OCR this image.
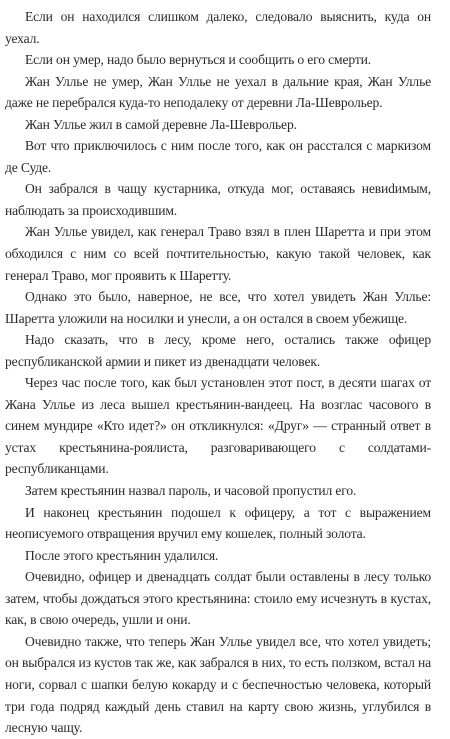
Если он находился слишком далеко, следовало выяснить, куда он уехал.

Если он умер, надо было вернуться и сообщить о его смерти.

Жан Уллье не умер, Жан Уллье не уехал в дальние края, Жан Уллье даже не перебрался куда-то неподалеку от деревни Ла-Шеврольер.

Жан Уллье жил в самой деревне Ла-Шеврольер.

Вот что приключилось с ним после того, как он расстался с маркизом де Суде.

Он забрался в чащу кустарника, откуда мог, оставаясь невиdимым, наблюдать за происходившим.

Жан Уллье увидел, как генерал Траво взял в плен Шаретта и при этом обходился с ним со всей почтительностью, какую такой человек, как генерал Траво, мог проявить к Шаретту.

Однако это было, наверное, не все, что хотел увидеть Жан Уллье: Шаретта уложили на носилки и унесли, а он остался в своем убежище.

Надо сказать, что в лесу, кроме него, остались также офицер республиканской армии и пикет из двенадцати человек.

Через час после того, как был установлен этот пост, в десяти шагах от Жана Уллье из леса вышел крестьянин-вандеец. На возглас часового в синем мундире «Кто идет?» он откликнулся: «Друг» — странный ответ в устах крестьянина-роялиста, разговаривающего с солдатами-республиканцами.

Затем крестьянин назвал пароль, и часовой пропустил его.

И наконец крестьянин подошел к офицеру, а тот с выражением неописуемого отвращения вручил ему кошелек, полный золота.

После этого крестьянин удалился.

Очевидно, офицер и двенадцать солдат были оставлены в лесу только затем, чтобы дождаться этого крестьянина: стоило ему исчезнуть в кустах, как, в свою очередь, ушли и они.

Очевидно также, что теперь Жан Уллье увидел все, что хотел увидеть; он выбрался из кустов так же, как забрался в них, то есть ползком, встал на ноги, сорвал с шапки белую кокарду и с беспечностью человека, который три года подряд каждый день ставил на карту свою жизнь, углубился в лесную чащу.
